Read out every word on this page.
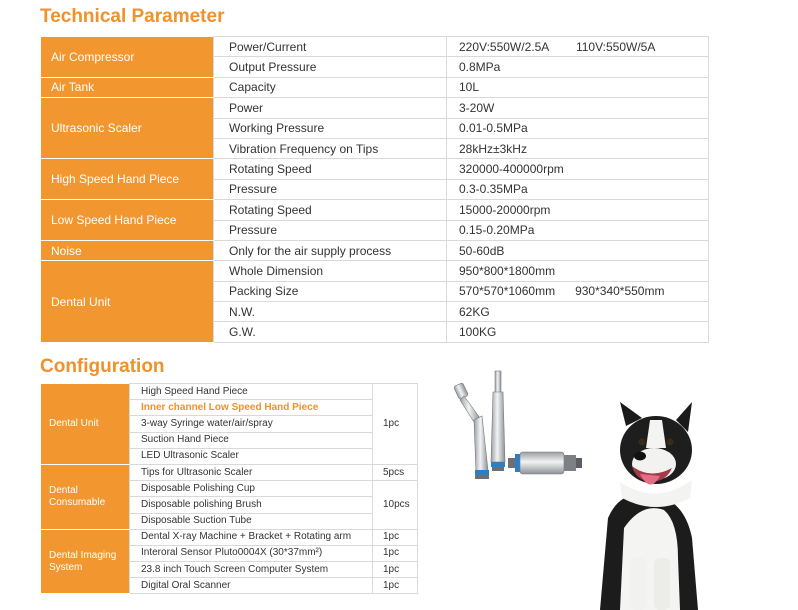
Technical Parameter
Air Compressor	Power/Current	220V:550W/2.5A        110V:550W/5A
	Output Pressure	0.8MPa
Air Tank	Capacity	10L
Ultrasonic Scaler	Power	3-20W
	Working Pressure	0.01-0.5MPa
	Vibration Frequency on Tips	28kHz±3kHz
High Speed Hand Piece	Rotating Speed	320000-400000rpm
	Pressure	0.3-0.35MPa
Low Speed Hand Piece	Rotating Speed	15000-20000rpm
	Pressure	0.15-0.20MPa
Noise	Only for the air supply process	50-60dB
Dental Unit	Whole Dimension	950*800*1800mm
	Packing Size	570*570*1060mm      930*340*550mm
	N.W.	62KG
	G.W.	100KG
Configuration
Dental Unit	High Speed Hand Piece	1pc
	Inner channel Low Speed Hand Piece	
	3-way Syringe water/air/spray	
	Suction Hand Piece	
	LED Ultrasonic Scaler	
Dental Consumable	Tips for Ultrasonic Scaler	5pcs
	Disposable Polishing Cup	10pcs
	Disposable polishing Brush	
	Disposable Suction Tube	
Dental Imaging System	Dental X-ray Machine + Bracket + Rotating arm	1pc
	Interoral Sensor Pluto0004X (30*37mm²)	1pc
	23.8 inch Touch Screen Computer System	1pc
	Digital Oral Scanner	1pc
